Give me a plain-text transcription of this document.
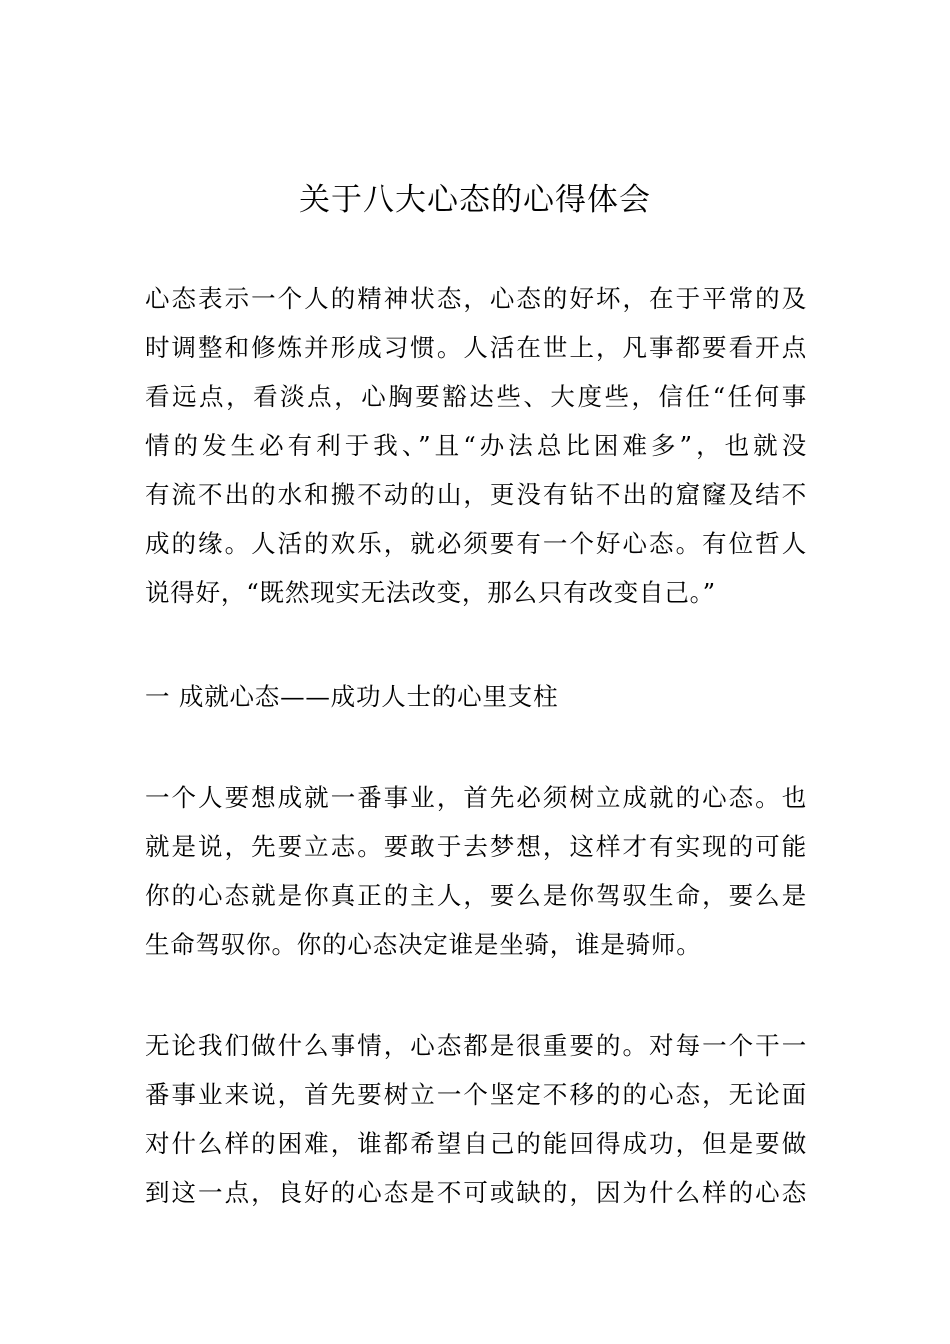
关于八大心态的心得体会
心态表示一个人的精神状态，心态的好坏，在于平常的及
时调整和修炼并形成习惯。人活在世上，凡事都要看开点
看远点，看淡点，心胸要豁达些、大度些，信任“任何事
情的发生必有利于我、”且“办法总比困难多”，也就没
有流不出的水和搬不动的山，更没有钻不出的窟窿及结不
成的缘。人活的欢乐，就必须要有一个好心态。有位哲人
说得好，“既然现实无法改变，那么只有改变自己。”
一 成就心态——成功人士的心里支柱
一个人要想成就一番事业，首先必须树立成就的心态。也
就是说，先要立志。要敢于去梦想，这样才有实现的可能
你的心态就是你真正的主人，要么是你驾驭生命，要么是
生命驾驭你。你的心态决定谁是坐骑，谁是骑师。
无论我们做什么事情，心态都是很重要的。对每一个干一
番事业来说，首先要树立一个坚定不移的的心态，无论面
对什么样的困难，谁都希望自己的能回得成功，但是要做
到这一点，良好的心态是不可或缺的，因为什么样的心态
